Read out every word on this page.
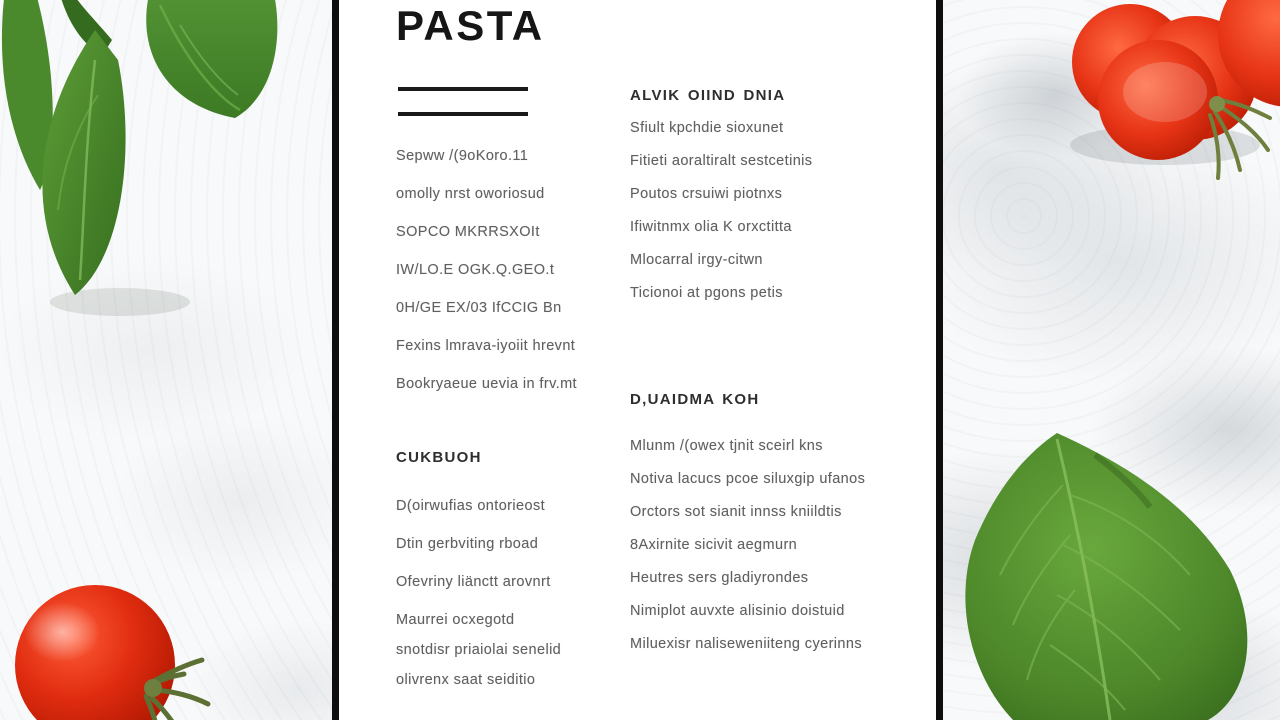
PASTA
Sepww /(9oKoro.11
omolly nrst oworiosud
SOPCO MKRRSXOIt
IW/LO.E OGK.Q.GEO.t
0H/GE EX/03 IfCCIG Bn
Fexins lmrava-iyoiit hrevnt
Bookryaeue uevia in frv.mt
CUKBUOH
D(oirwufias ontorieost
Dtin gerbviting rboad
Ofevriny liänctt arovnrt
Maurrei ocxegotd
snotdisr priaiolai senelid
olivrenx saat seiditio
ALVIK OIIND DNIA
Sfiult kpchdie sioxunet
Fitieti aoraltiralt sestcetinis
Poutos crsuiwi piotnxs
Ifiwitnmx olia K orxctitta
Mlocarral irgy-citwn
Ticionoi at pgons petis
D,UAIDMA KOH
Mlunm /(owex tjnit sceirl kns
Notiva lacucs pcoe siluxgip ufanos
Orctors sot sianit innss kniildtis
8Axirnite sicivit aegmurn
Heutres sers gladiyrondes
Nimiplot auvxte alisinio doistuid
Miluexisr naliseweniiteng cyerinns
